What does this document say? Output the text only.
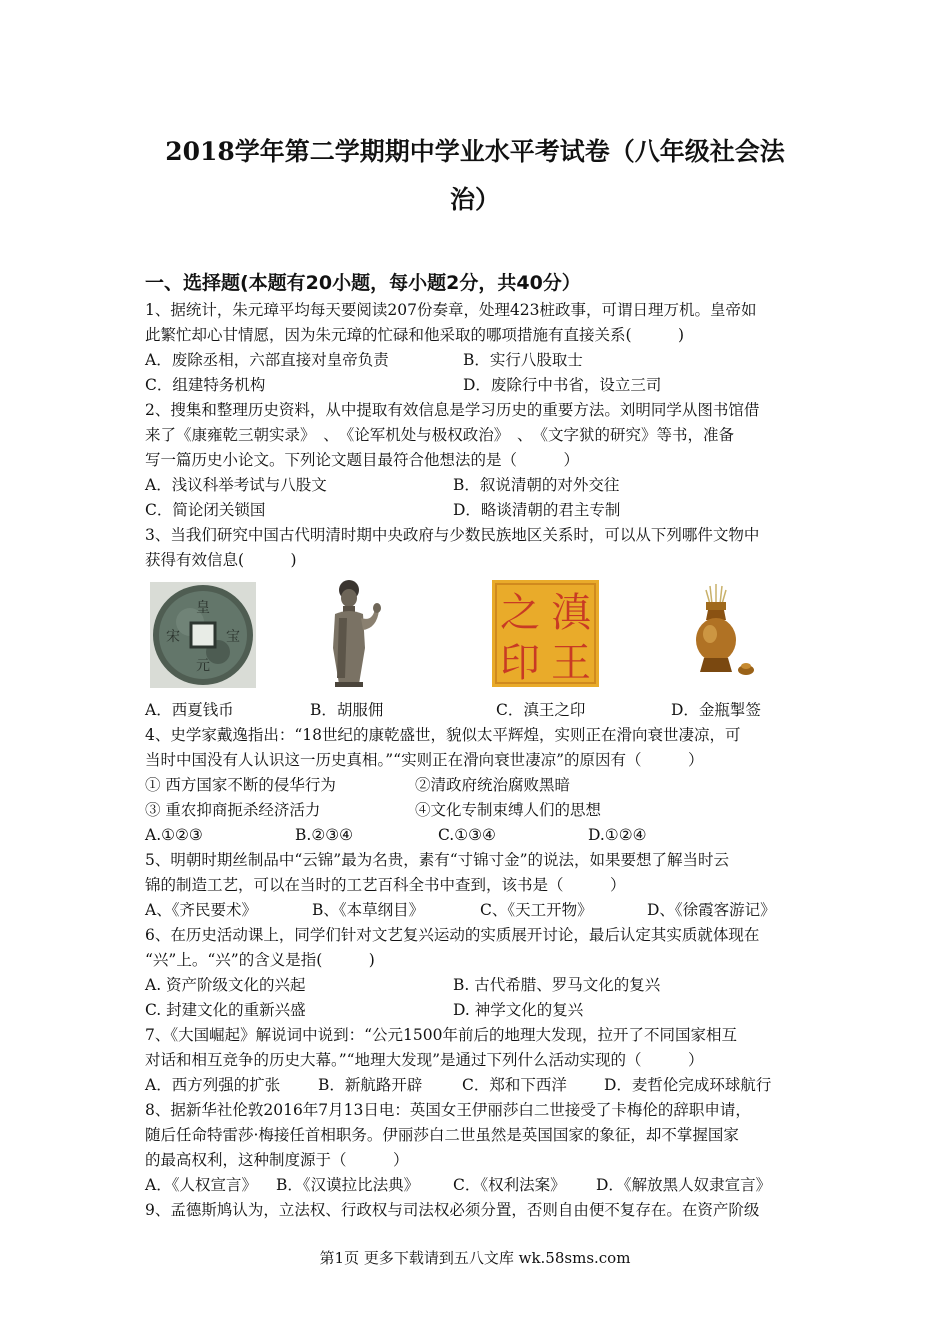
2018学年第二学期期中学业水平考试卷（八年级社会法
治）
一、选择题(本题有20小题，每小题2分，共40分）
1、据统计，朱元璋平均每天要阅读207份奏章，处理423桩政事，可谓日理万机。皇帝如
此繁忙却心甘情愿，因为朱元璋的忙碌和他采取的哪项措施有直接关系(　　　)
A．废除丞相，六部直接对皇帝负责	B．实行八股取士
C．组建特务机构	D．废除行中书省，设立三司
2、搜集和整理历史资料，从中提取有效信息是学习历史的重要方法。刘明同学从图书馆借
来了《康雍乾三朝实录》　、　《论军机处与极权政治》　、　《文字狱的研究》等书，准备
写一篇历史小论文。下列论文题目最符合他想法的是（　　　）
A．浅议科举考试与八股文	B．叙说清朝的对外交往
C．简论闭关锁国	D．略谈清朝的君主专制
3、当我们研究中国古代明清时期中央政府与少数民族地区关系时，可以从下列哪件文物中
获得有效信息(　　　)
皇
元
宋	宝
滇
王
之
印
A．西夏钱币	B．胡服佣	C．滇王之印	D．金瓶掣签
4、史学家戴逸指出：“18世纪的康乾盛世，貌似太平辉煌，实则正在滑向衰世凄凉，可
当时中国没有人认识这一历史真相。”“实则正在滑向衰世凄凉”的原因有（　　　）
① 西方国家不断的侵华行为	②清政府统治腐败黑暗
③ 重农抑商扼杀经济活力	④文化专制束缚人们的思想
A.①②③	B.②③④	C.①③④	D.①②④
5、明朝时期丝制品中“云锦”最为名贵，素有“寸锦寸金”的说法，如果要想了解当时云
锦的制造工艺，可以在当时的工艺百科全书中查到，该书是（　　　）
A、《齐民要术》	B、《本草纲目》	C、《天工开物》	D、《徐霞客游记》
6、在历史活动课上，同学们针对文艺复兴运动的实质展开讨论，最后认定其实质就体现在
“兴”上。“兴”的含义是指(　　　)
A. 资产阶级文化的兴起	B. 古代希腊、罗马文化的复兴
C. 封建文化的重新兴盛	D. 神学文化的复兴
7、《大国崛起》解说词中说到：“公元1500年前后的地理大发现，拉开了不同国家相互
对话和相互竞争的历史大幕。”“地理大发现”是通过下列什么活动实现的（　　　）
A．西方列强的扩张 B．新航路开辟	C．郑和下西洋 D．麦哲伦完成环球航行
8、据新华社伦敦2016年7月13日电：英国女王伊丽莎白二世接受了卡梅伦的辞职申请，
随后任命特雷莎·梅接任首相职务。伊丽莎白二世虽然是英国国家的象征，却不掌握国家
的最高权利，这种制度源于（　　　）
A．《人权宣言》 B．《汉谟拉比法典》 C．《权利法案》 D．《解放黑人奴隶宣言》
9、孟德斯鸠认为，立法权、行政权与司法权必须分置，否则自由便不复存在。在资产阶级
第1页 更多下载请到五八文库 wk.58sms.com
